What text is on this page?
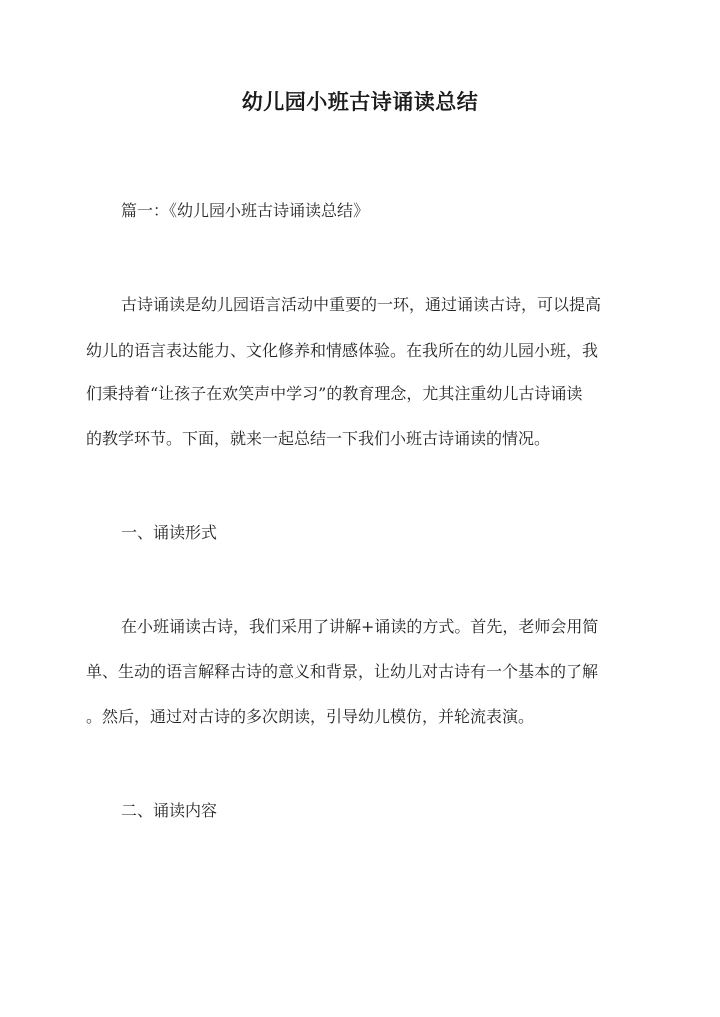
幼儿园小班古诗诵读总结
篇一：《幼儿园小班古诗诵读总结》
古诗诵读是幼儿园语言活动中重要的一环，通过诵读古诗，可以提高
幼儿的语言表达能力、文化修养和情感体验。在我所在的幼儿园小班，我
们秉持着“让孩子在欢笑声中学习”的教育理念，尤其注重幼儿古诗诵读
的教学环节。下面，就来一起总结一下我们小班古诗诵读的情况。
一、诵读形式
在小班诵读古诗，我们采用了讲解+诵读的方式。首先，老师会用简
单、生动的语言解释古诗的意义和背景，让幼儿对古诗有一个基本的了解
。然后，通过对古诗的多次朗读，引导幼儿模仿，并轮流表演。
二、诵读内容
